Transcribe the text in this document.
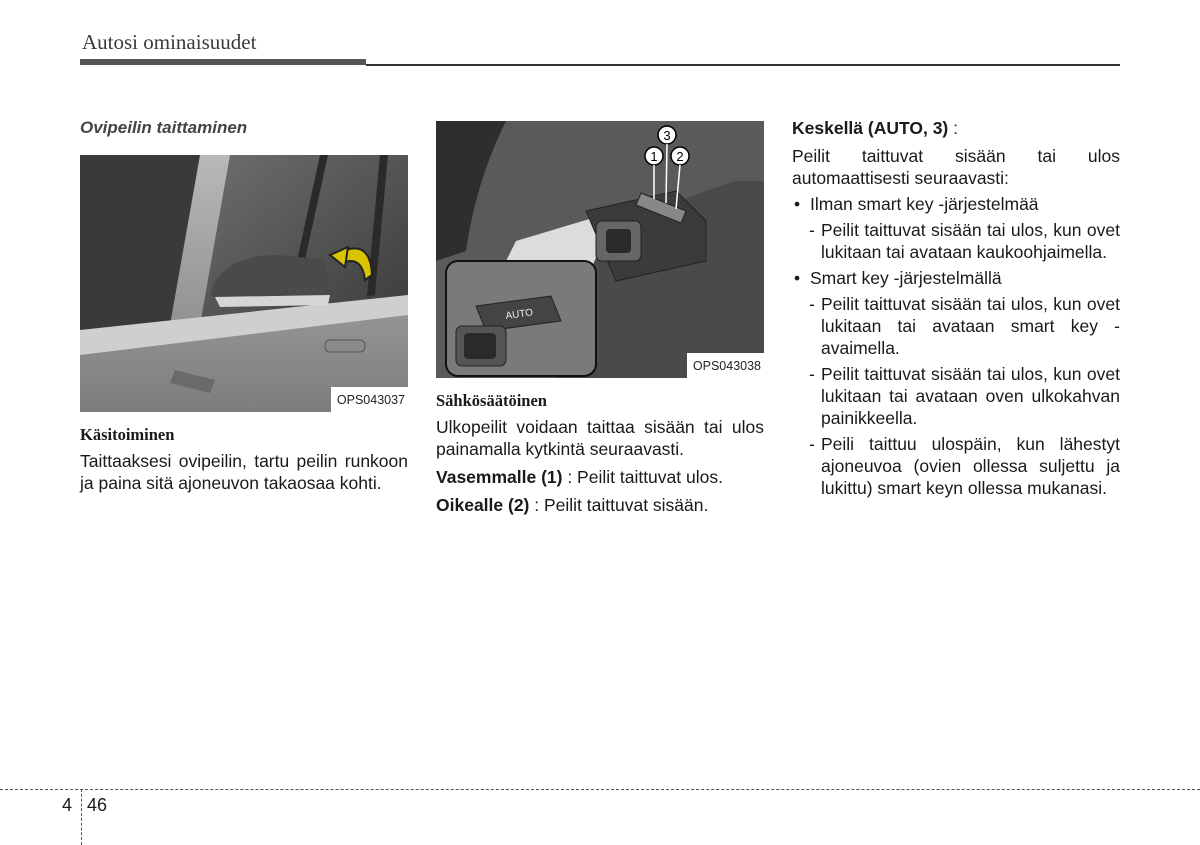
Autosi ominaisuudet

Ovipeilin taittaminen

OPS043037
Käsitoiminen

Taittaaksesi ovipeilin, tartu peilin runkoon ja paina sitä ajoneuvon takaosaa kohti.

1 2
3
AUTO
OPS043038
Sähkösäätöinen

Ulkopeilit voidaan taittaa sisään tai ulos painamalla kytkintä seuraavasti.

Vasemmalle (1) : Peilit taittuvat ulos.

Oikealle (2) : Peilit taittuvat sisään.

Keskellä (AUTO, 3) :

Peilit taittuvat sisään tai ulos automaattisesti seuraavasti:

• Ilman smart key -järjestelmää
- Peilit taittuvat sisään tai ulos, kun ovet lukitaan tai avataan kaukoohjaimella.
• Smart key -järjestelmällä
- Peilit taittuvat sisään tai ulos, kun ovet lukitaan tai avataan smart key -avaimella.
- Peilit taittuvat sisään tai ulos, kun ovet lukitaan tai avataan oven ulkokahvan painikkeella.
- Peili taittuu ulospäin, kun lähestyt ajoneuvoa (ovien ollessa suljettu ja lukittu) smart keyn ollessa mukanasi.
4 46
